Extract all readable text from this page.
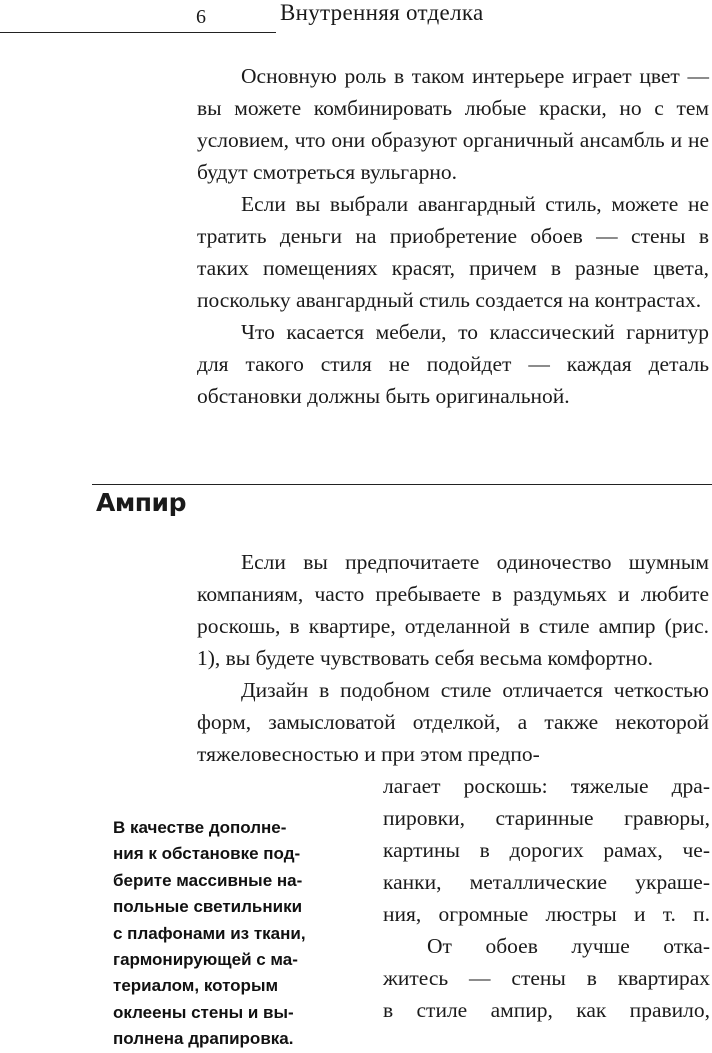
6	Внутренняя отделка

Основную роль в таком интерьере играет цвет — вы можете комбинировать любые краски, но с тем условием, что они образуют органичный ансамбль и не будут смотреться вульгарно.

Если вы выбрали авангардный стиль, можете не тратить деньги на приобретение обоев — стены в таких помещениях красят, причем в разные цвета, поскольку авангардный стиль создается на контрастах.

Что касается мебели, то классический гарнитур для такого стиля не подойдет — каждая деталь обстановки должны быть оригинальной.

Ампир

Если вы предпочитаете одиночество шумным компаниям, часто пребываете в раздумьях и любите роскошь, в квартире, отделанной в стиле ампир (рис. 1), вы будете чувствовать себя весьма комфортно.

Дизайн в подобном стиле отличается четкостью форм, замысловатой отделкой, а также некоторой тяжеловесностью и при этом предпо-

В качестве дополне-
ния к обстановке под-
берите массивные на-
польные светильники
с плафонами из ткани,
гармонирующей с ма-
териалом, которым
оклеены стены и вы-
полнена драпировка.
лагает роскошь: тяжелые дра-
пировки, старинные гравюры,
картины в дорогих рамах, че-
канки, металлические украше-
ния, огромные люстры и т. п.
От обоев лучше отка-
житесь — стены в квартирах
в стиле ампир, как правило,
